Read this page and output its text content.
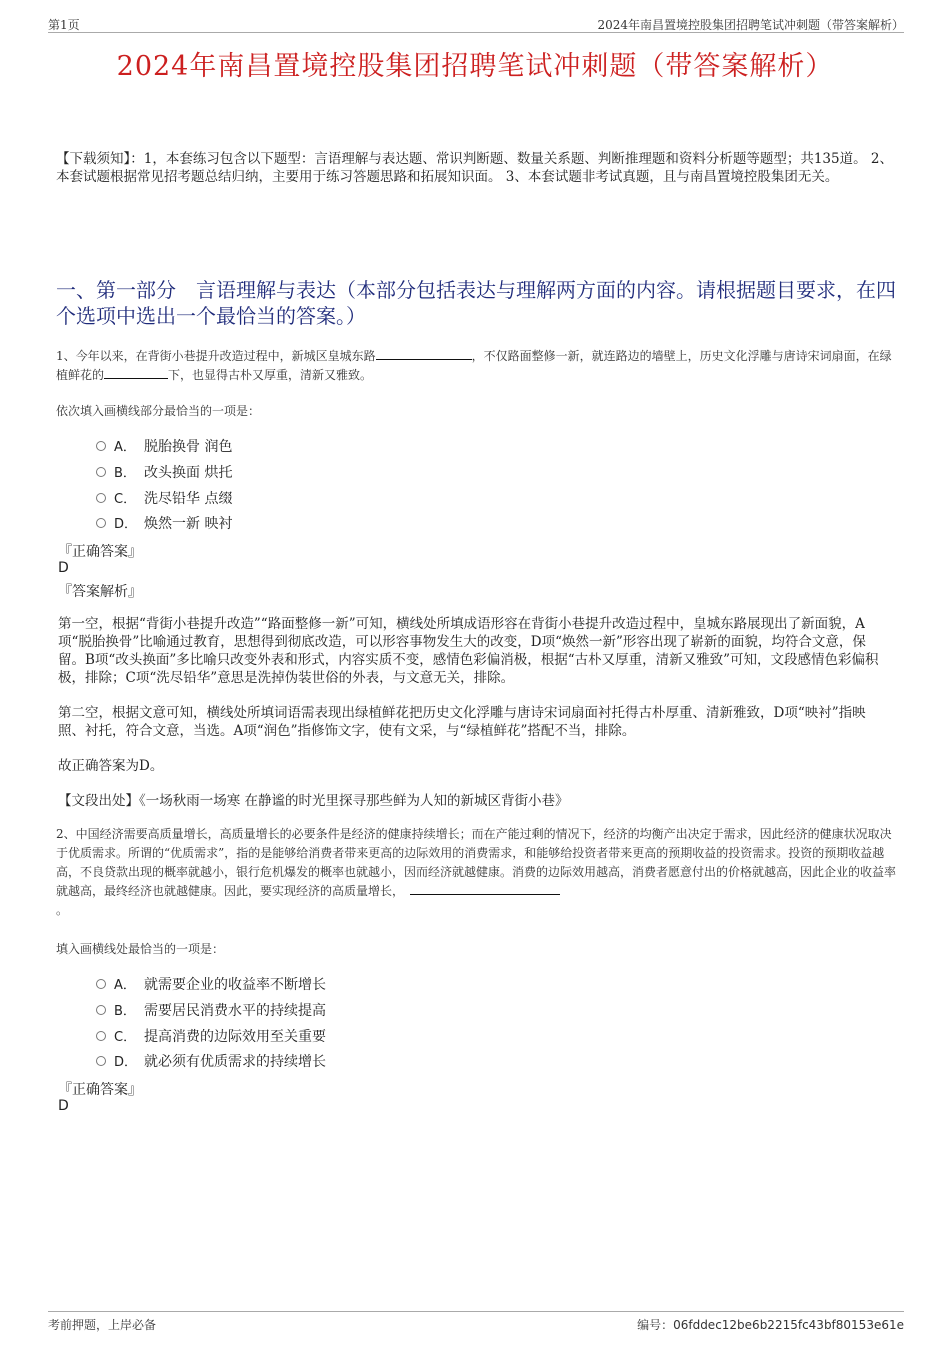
第1页	2024年南昌置境控股集团招聘笔试冲刺题（带答案解析）
2024年南昌置境控股集团招聘笔试冲刺题（带答案解析）
【下载须知】：1，本套练习包含以下题型：言语理解与表达题、常识判断题、数量关系题、判断推理题和资料分析题等题型；共135道。 2、本套试题根据常见招考题总结归纳，主要用于练习答题思路和拓展知识面。 3、本套试题非考试真题，且与南昌置境控股集团无关。
一、第一部分　言语理解与表达（本部分包括表达与理解两方面的内容。请根据题目要求，在四个选项中选出一个最恰当的答案。）
1、今年以来，在背街小巷提升改造过程中，新城区皇城东路	，不仅路面整修一新，就连路边的墙壁上，历史文化浮雕与唐诗宋词扇面，在绿植鲜花的	下，也显得古朴又厚重，清新又雅致。
依次填入画横线部分最恰当的一项是：
A． 脱胎换骨 润色
B． 改头换面 烘托
C． 洗尽铅华 点缀
D． 焕然一新 映衬
『正确答案』
D
『答案解析』
第一空，根据“背街小巷提升改造”“路面整修一新”可知，横线处所填成语形容在背街小巷提升改造过程中，皇城东路展现出了新面貌，A项“脱胎换骨”比喻通过教育，思想得到彻底改造，可以形容事物发生大的改变，D项“焕然一新”形容出现了崭新的面貌，均符合文意，保留。B项“改头换面”多比喻只改变外表和形式，内容实质不变，感情色彩偏消极，根据“古朴又厚重，清新又雅致”可知，文段感情色彩偏积极，排除；C项“洗尽铅华”意思是洗掉伪装世俗的外表，与文意无关，排除。
第二空，根据文意可知，横线处所填词语需表现出绿植鲜花把历史文化浮雕与唐诗宋词扇面衬托得古朴厚重、清新雅致，D项“映衬”指映照、衬托，符合文意，当选。A项“润色”指修饰文字，使有文采，与“绿植鲜花”搭配不当，排除。
故正确答案为D。
【文段出处】《一场秋雨一场寒 在静谧的时光里探寻那些鲜为人知的新城区背街小巷》
2、中国经济需要高质量增长，高质量增长的必要条件是经济的健康持续增长；而在产能过剩的情况下，经济的均衡产出决定于需求，因此经济的健康状况取决于优质需求。所谓的“优质需求”，指的是能够给消费者带来更高的边际效用的消费需求，和能够给投资者带来更高的预期收益的投资需求。投资的预期收益越高，不良贷款出现的概率就越小，银行危机爆发的概率也就越小，因而经济就越健康。消费的边际效用越高，消费者愿意付出的价格就越高，因此企业的收益率就越高，最终经济也就越健康。因此，要实现经济的高质量增长，
。
填入画横线处最恰当的一项是：
A． 就需要企业的收益率不断增长
B． 需要居民消费水平的持续提高
C． 提高消费的边际效用至关重要
D． 就必须有优质需求的持续增长
『正确答案』
D
考前押题，上岸必备	编号：06fddec12be6b2215fc43bf80153e61e
